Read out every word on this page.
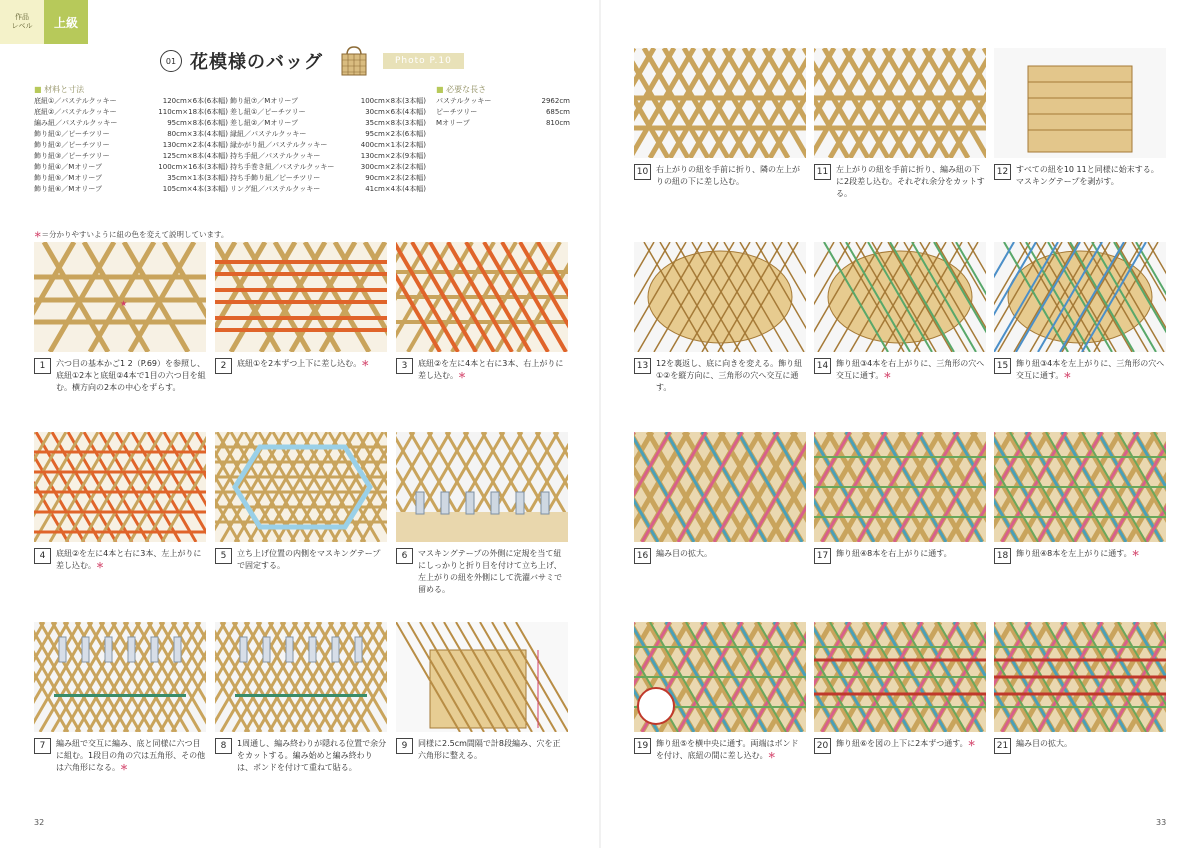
作品
レベル	上級
01 花模様のバッグ	Photo P.10
■ 材料と寸法
■	必要な長さ
底紐①／パステルクッキー	120cm×6本(6本幅)
底紐②／パステルクッキー	110cm×18本(6本幅)
編み紐／パステルクッキー	95cm×8本(6本幅)
飾り紐①／ピーチツリー	80cm×3本(4本幅)
飾り紐②／ピーチツリー	130cm×2本(4本幅)
飾り紐③／ピーチツリー	125cm×8本(4本幅)
飾り紐④／Mオリーブ	100cm×16本(3本幅)
飾り紐⑤／Mオリーブ	35cm×1本(3本幅)
飾り紐⑥／Mオリーブ	105cm×4本(3本幅)
飾り紐⑦／Mオリーブ	100cm×8本(3本幅)
差し紐①／ピーチツリー	30cm×6本(4本幅)
差し紐②／Mオリーブ	35cm×8本(3本幅)
縁紐／パステルクッキー	95cm×2本(6本幅)
縁かがり紐／パステルクッキー	400cm×1本(2本幅)
持ち手紐／パステルクッキー	130cm×2本(9本幅)
持ち手巻き紐／パステルクッキー	300cm×2本(2本幅)
持ち手飾り紐／ピーチツリー	90cm×2本(2本幅)
リング紐／パステルクッキー	41cm×4本(4本幅)
パステルクッキー	2962cm
ピーチツリー	685cm
Mオリーブ	810cm
＊＝分かりやすいように紐の色を変えて説明しています。
★
1	六つ目の基本かご1 2（P.69）を参照し、底紐①2本と底紐②4本で1目の六つ目を組む。横方向の2本の中心をずらす。
2	底紐①を2本ずつ上下に差し込む。＊	3	底紐②を左に4本と右に3本、右上がりに差し込む。＊
4	底紐②を左に4本と右に3本、左上がりに差し込む。＊
5	立ち上げ位置の内側をマスキングテープで固定する。
6	マスキングテープの外側に定規を当て紐にしっかりと折り目を付けて立ち上げ、左上がりの紐を外側にして洗濯バサミで留める。
7	編み紐で交互に編み、底と同様に六つ目に組む。1段目の角の穴は五角形、その他は六角形になる。＊
8	1周通し、編み終わりが隠れる位置で余分をカットする。編み始めと編み終わりは、ボンドを付けて重ねて貼る。
9	同様に2.5cm間隔で計8段編み、穴を正六角形に整える。
32
10 右上がりの紐を手前に折り、隣の左上がりの紐の下に差し込む。
11 左上がりの紐を手前に折り、編み紐の下に2段差し込む。それぞれ余分をカットする。
12 すべての紐を10 11と同様に始末する。マスキングテープを剥がす。
13 12を裏返し、底に向きを変える。飾り紐①②を縦方向に、三角形の穴へ交互に通す。
14 飾り紐③4本を右上がりに、三角形の穴へ交互に通す。＊
15 飾り紐③4本を左上がりに、三角形の穴へ交互に通す。＊
16 編み目の拡大。	17 飾り紐④8本を右上がりに通す。	18 飾り紐④8本を左上がりに通す。＊
19 飾り紐⑤を横中央に通す。両端はボンドを付け、底紐の間に差し込む。＊
20 飾り紐⑥を図の上下に2本ずつ通す。＊	21 編み目の拡大。
33
